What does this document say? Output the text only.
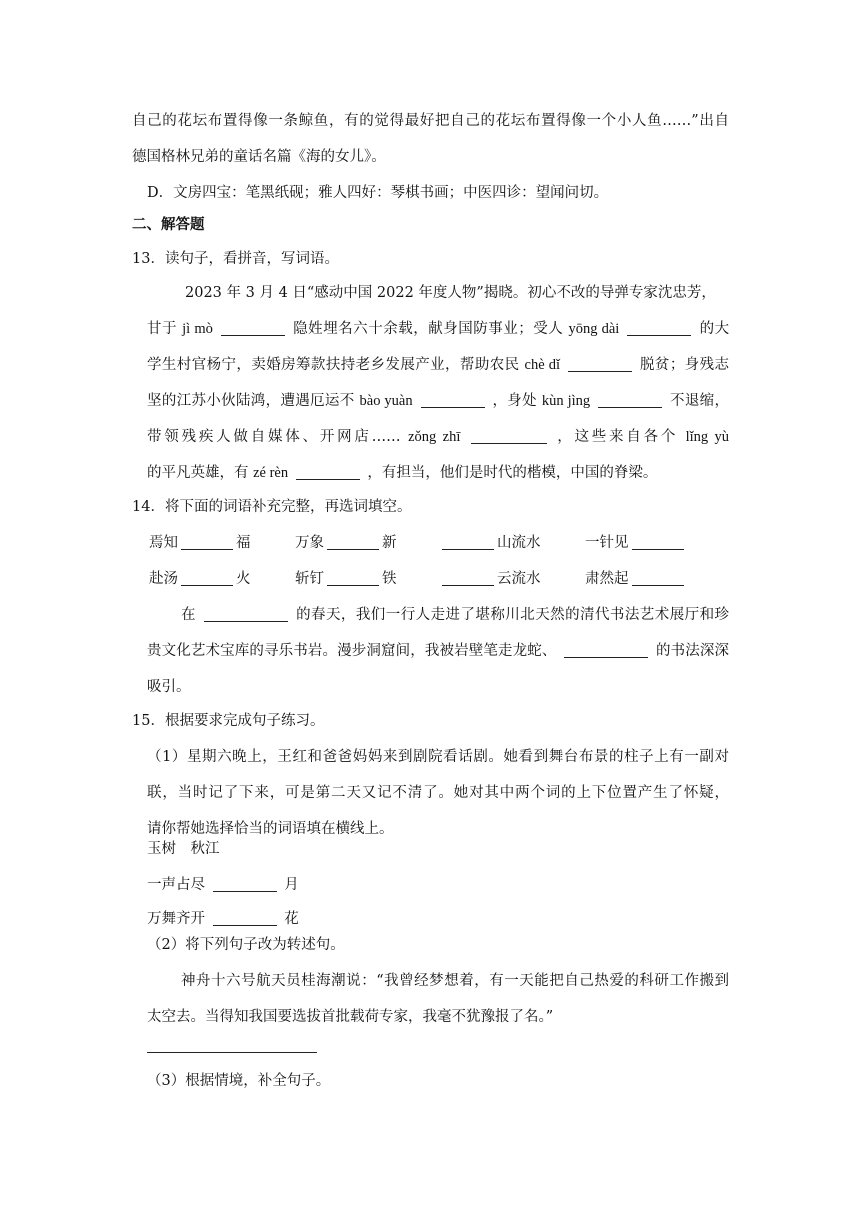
自己的花坛布置得像一条鲸鱼，有的觉得最好把自己的花坛布置得像一个小人鱼……”出自
德国格林兄弟的童话名篇《海的女儿》。
D．文房四宝：笔黑纸砚；雅人四好：琴棋书画；中医四诊：望闻问切。
二、解答题
13．读句子，看拼音，写词语。
2023 年 3 月 4 日“感动中国 2022 年度人物”揭晓。初心不改的导弹专家沈忠芳，
甘于 jì mò	隐姓埋名六十余载，献身国防事业；受人 yōng dài	的大
学生村官杨宁，卖婚房筹款扶持老乡发展产业，帮助农民 chè dǐ	脱贫；身残志
坚的江苏小伙陆鸿，遭遇厄运不 bào yuàn	，身处 kùn jìng	不退缩，
带领残疾人做自媒体、开网店…… zǒng zhī	，这些来自各个 lǐng yù
的平凡英雄，有 zé rèn	，有担当，他们是时代的楷模，中国的脊梁。
14．将下面的词语补充完整，再选词填空。
焉知	福	万象	新	山流水	一针见
赴汤	火	斩钉	铁	云流水	肃然起
在	的春天，我们一行人走进了堪称川北天然的清代书法艺术展厅和珍
贵文化艺术宝库的寻乐书岩。漫步洞窟间，我被岩壁笔走龙蛇、	的书法深深
吸引。
15．根据要求完成句子练习。
（1）星期六晚上，王红和爸爸妈妈来到剧院看话剧。她看到舞台布景的柱子上有一副对
联，当时记了下来，可是第二天又记不清了。她对其中两个词的上下位置产生了怀疑，
请你帮她选择恰当的词语填在横线上。
玉树　秋江
一声占尽	月
万舞齐开	花
（2）将下列句子改为转述句。
神舟十六号航天员桂海潮说：“我曾经梦想着，有一天能把自己热爱的科研工作搬到
太空去。当得知我国要选拔首批载荷专家，我毫不犹豫报了名。”
（3）根据情境，补全句子。
